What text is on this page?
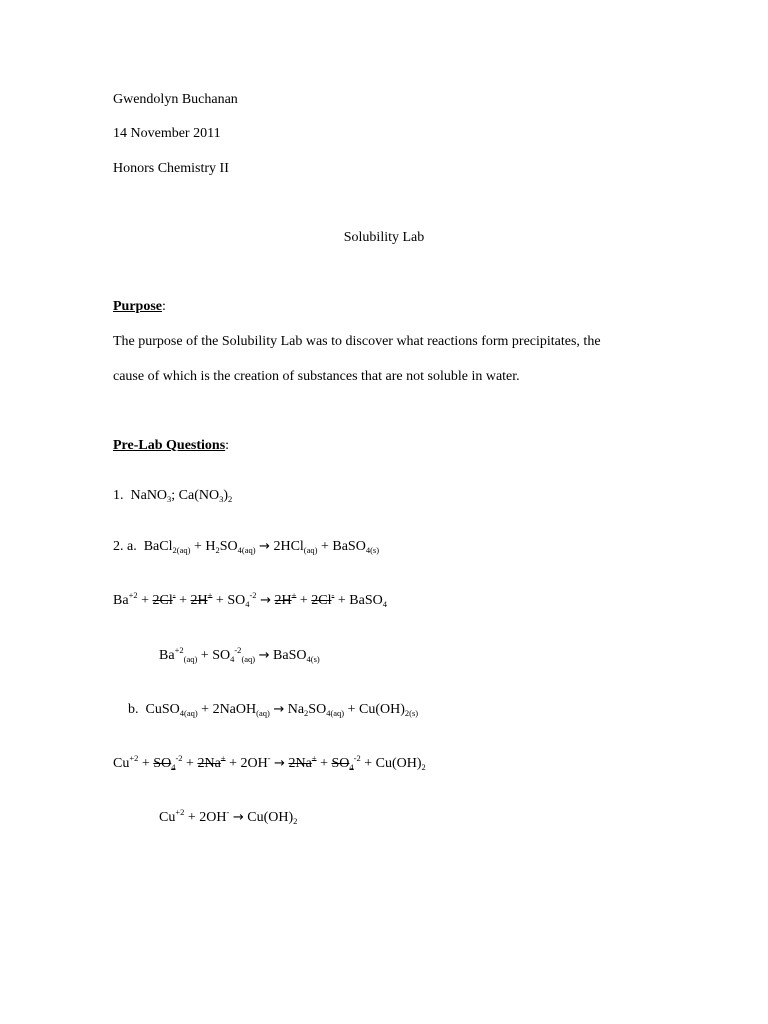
Gwendolyn Buchanan
14 November 2011
Honors Chemistry II
Solubility Lab
Purpose:
The purpose of the Solubility Lab was to discover what reactions form precipitates, the
cause of which is the creation of substances that are not soluble in water.
Pre-Lab Questions:
1. NaNO$_3$; $Ca(NO_3)_2$
2. a. BaCl$_{2(aq)}$ + $H_2SO_{4(aq)} \to 2HCl_{(aq)}$ + BaSO$_{4(s)}$
$Ba^{+2} + 2Cl^- + 2H^+ + SO_4^{-2} \to 2H^+ + 2Cl^-$ + BaSO$_4$
$Ba^{+2}_{(aq)} + SO_4^{-2}_{(aq)}$ → BaSO$_{4(s)}$
b. CuSO$_{4(aq)}$ + 2NaOH$_{(aq)}$ → $Na_2SO_{4(aq)} + Cu(OH)_{2(s)}$
$Cu^{+2} + SO_4^{-2} + 2Na^+ + 2OH^- \to 2Na^+ + SO_4^{-2} + Cu(OH)_2$
$Cu^{+2} + 2OH^- \to Cu(OH)_2$
